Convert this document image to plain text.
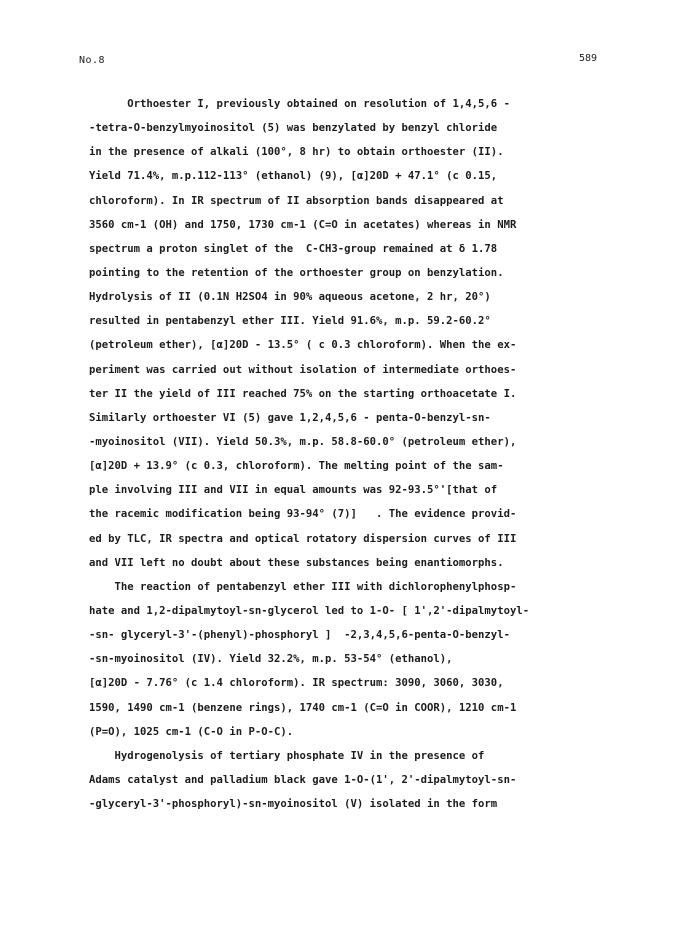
No.8	589
Orthoester I, previously obtained on resolution of 1,4,5,6 -
-tetra-O-benzylmyoinositol (5) was benzylated by benzyl chloride
in the presence of alkali (100°, 8 hr) to obtain orthoester (II).
Yield 71.4%, m.p.112-113° (ethanol) (9), [α]20D + 47.1° (c 0.15,
chloroform). In IR spectrum of II absorption bands disappeared at
3560 cm-1 (OH) and 1750, 1730 cm-1 (C=O in acetates) whereas in NMR
spectrum a proton singlet of the  C-CH3-group remained at δ 1.78
pointing to the retention of the orthoester group on benzylation.
Hydrolysis of II (0.1N H2SO4 in 90% aqueous acetone, 2 hr, 20°)
resulted in pentabenzyl ether III. Yield 91.6%, m.p. 59.2-60.2°
(petroleum ether), [α]20D - 13.5° ( c 0.3 chloroform). When the ex-
periment was carried out without isolation of intermediate orthoes-
ter II the yield of III reached 75% on the starting orthoacetate I.
Similarly orthoester VI (5) gave 1,2,4,5,6 - penta-O-benzyl-sn-
-myoinositol (VII). Yield 50.3%, m.p. 58.8-60.0° (petroleum ether),
[α]20D + 13.9° (c 0.3, chloroform). The melting point of the sam-
ple involving III and VII in equal amounts was 92-93.5°'[that of
the racemic modification being 93-94° (7)]   . The evidence provid-
ed by TLC, IR spectra and optical rotatory dispersion curves of III
and VII left no doubt about these substances being enantiomorphs.
The reaction of pentabenzyl ether III with dichlorophenylphosp-
hate and 1,2-dipalmytoyl-sn-glycerol led to 1-O- [ 1',2'-dipalmytoyl-
-sn- glyceryl-3'-(phenyl)-phosphoryl ]  -2,3,4,5,6-penta-O-benzyl-
-sn-myoinositol (IV). Yield 32.2%, m.p. 53-54° (ethanol),
[α]20D - 7.76° (c 1.4 chloroform). IR spectrum: 3090, 3060, 3030,
1590, 1490 cm-1 (benzene rings), 1740 cm-1 (C=O in COOR), 1210 cm-1
(P=O), 1025 cm-1 (C-O in P-O-C).
Hydrogenolysis of tertiary phosphate IV in the presence of
Adams catalyst and palladium black gave 1-O-(1', 2'-dipalmytoyl-sn-
-glyceryl-3'-phosphoryl)-sn-myoinositol (V) isolated in the form
